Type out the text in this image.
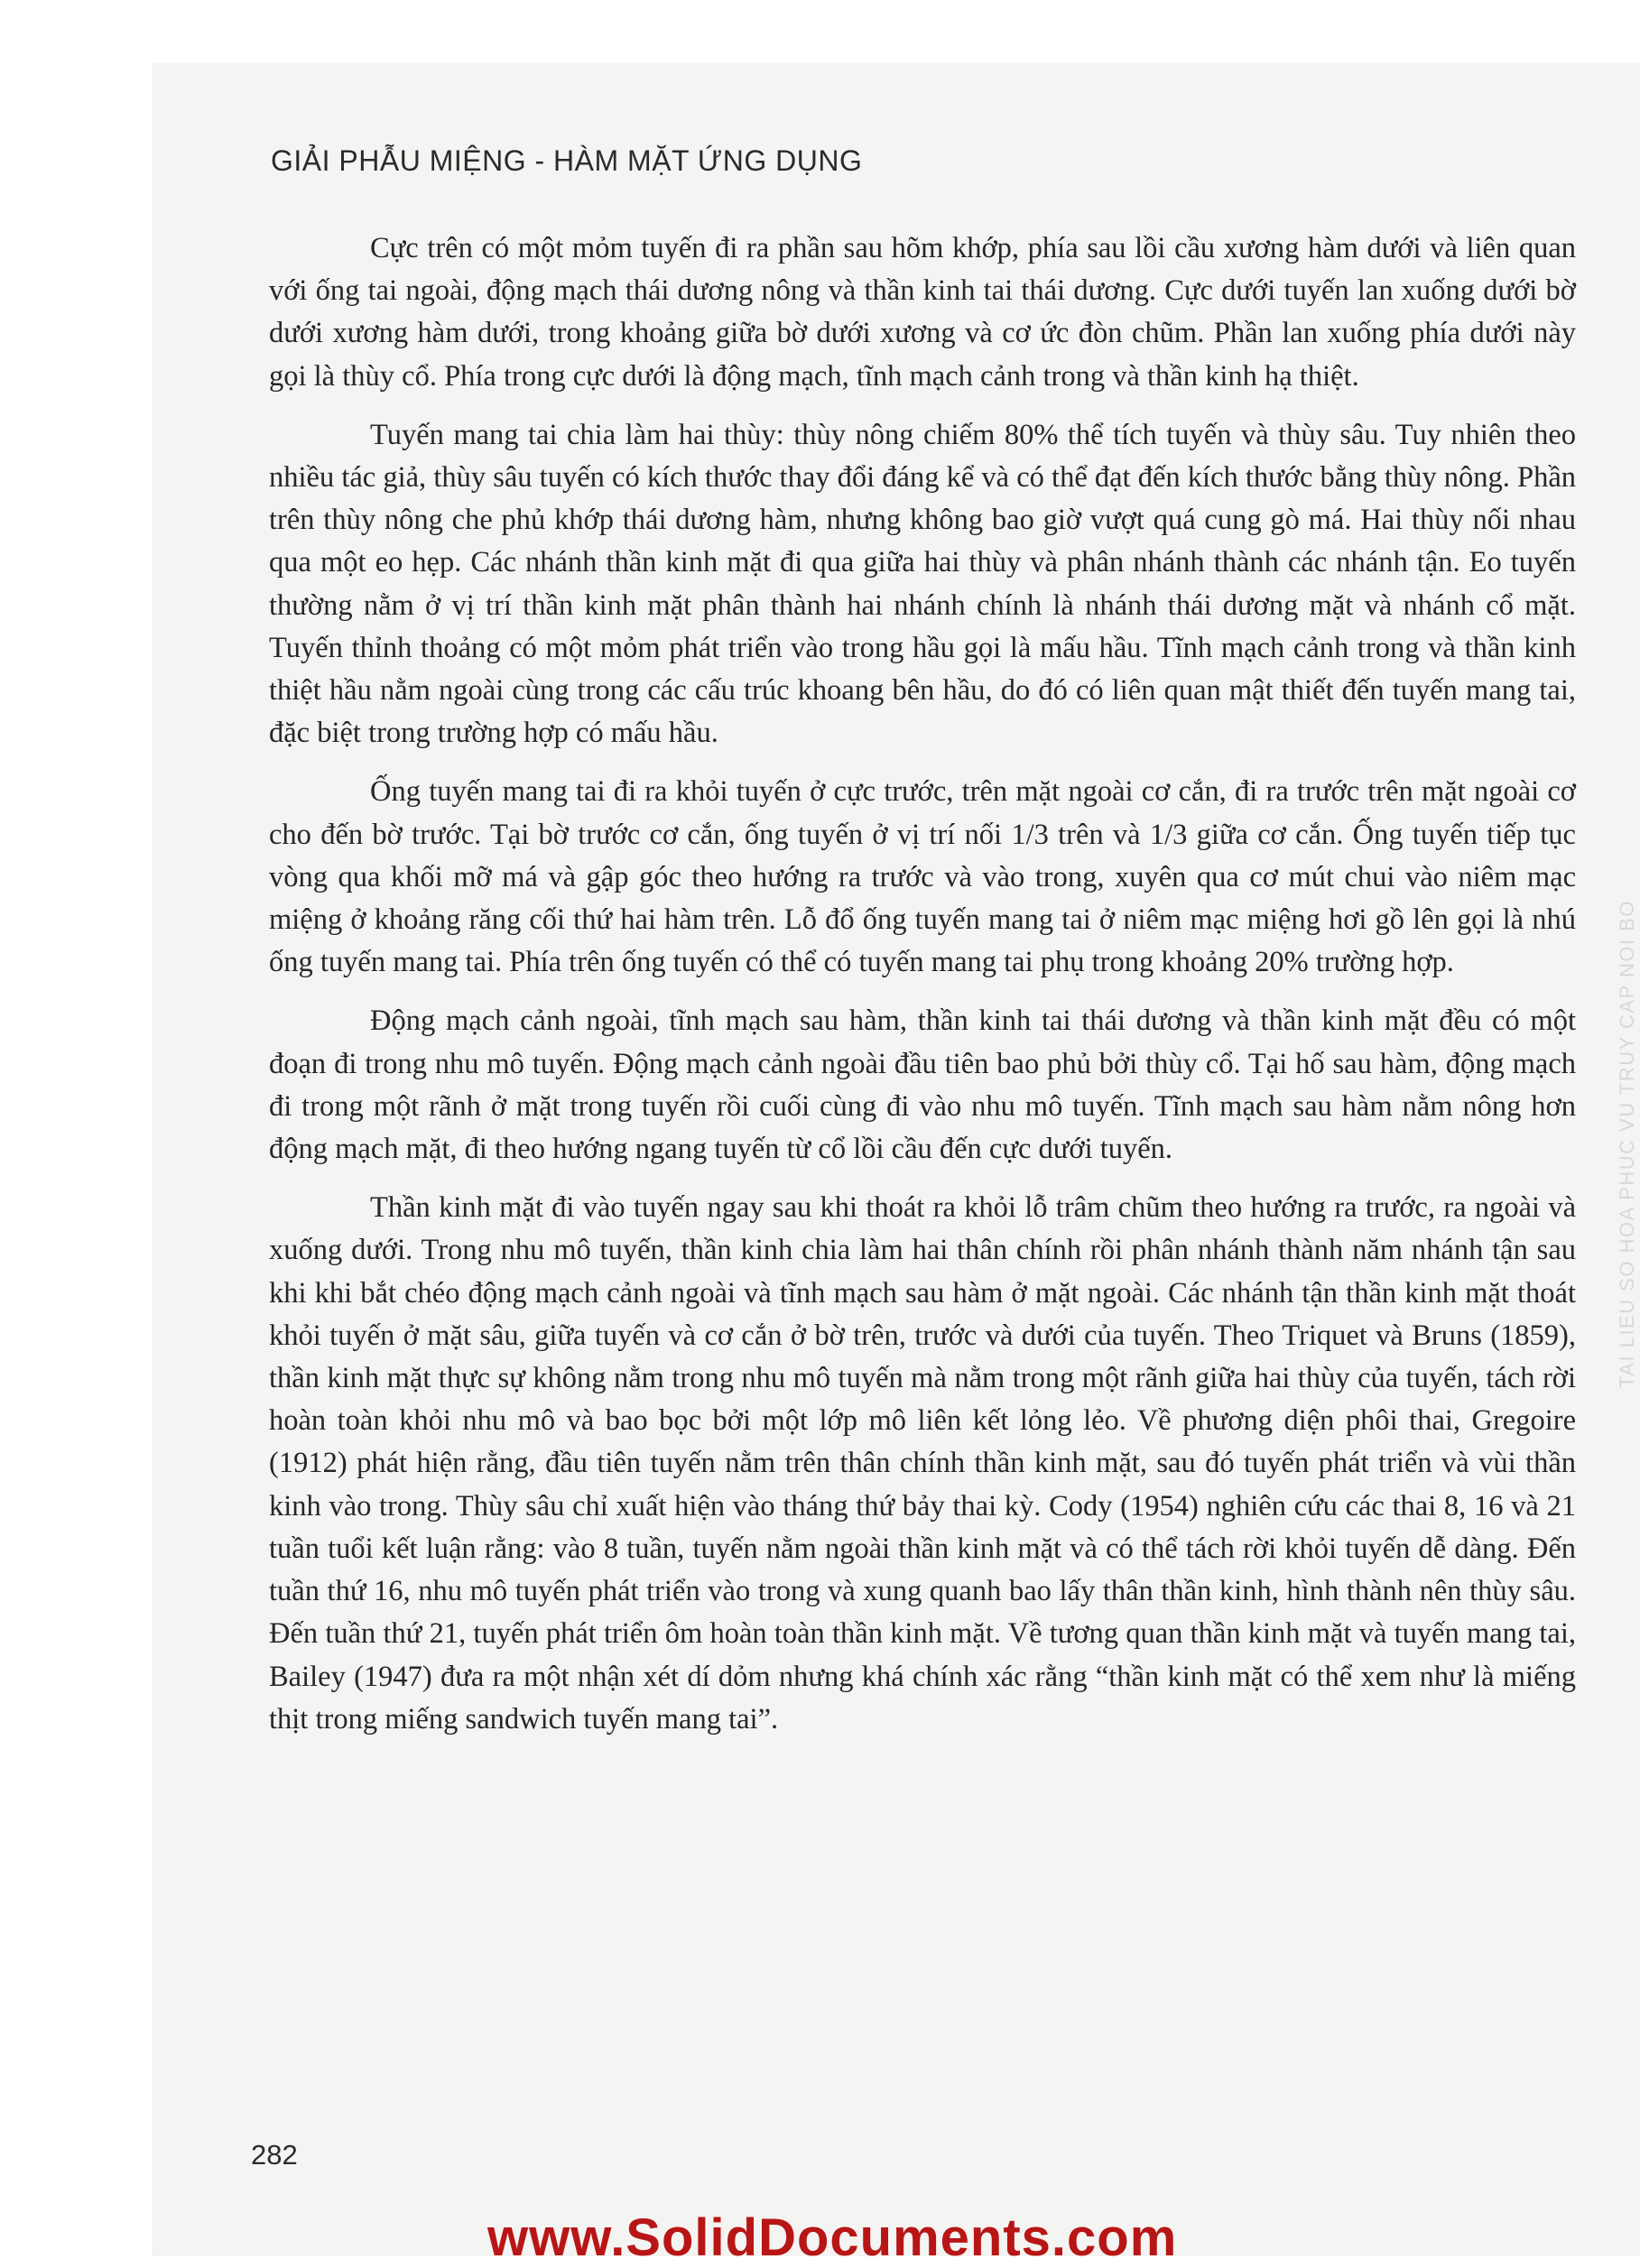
GIẢI PHẪU MIỆNG - HÀM MẶT ỨNG DỤNG

Cực trên có một mỏm tuyến đi ra phần sau hõm khớp, phía sau lồi cầu xương hàm dưới và liên quan với ống tai ngoài, động mạch thái dương nông và thần kinh tai thái dương. Cực dưới tuyến lan xuống dưới bờ dưới xương hàm dưới, trong khoảng giữa bờ dưới xương và cơ ức đòn chũm. Phần lan xuống phía dưới này gọi là thùy cổ. Phía trong cực dưới là động mạch, tĩnh mạch cảnh trong và thần kinh hạ thiệt.

Tuyến mang tai chia làm hai thùy: thùy nông chiếm 80% thể tích tuyến và thùy sâu. Tuy nhiên theo nhiều tác giả, thùy sâu tuyến có kích thước thay đổi đáng kể và có thể đạt đến kích thước bằng thùy nông. Phần trên thùy nông che phủ khớp thái dương hàm, nhưng không bao giờ vượt quá cung gò má. Hai thùy nối nhau qua một eo hẹp. Các nhánh thần kinh mặt đi qua giữa hai thùy và phân nhánh thành các nhánh tận. Eo tuyến thường nằm ở vị trí thần kinh mặt phân thành hai nhánh chính là nhánh thái dương mặt và nhánh cổ mặt. Tuyến thỉnh thoảng có một mỏm phát triển vào trong hầu gọi là mấu hầu. Tĩnh mạch cảnh trong và thần kinh thiệt hầu nằm ngoài cùng trong các cấu trúc khoang bên hầu, do đó có liên quan mật thiết đến tuyến mang tai, đặc biệt trong trường hợp có mấu hầu.

Ống tuyến mang tai đi ra khỏi tuyến ở cực trước, trên mặt ngoài cơ cắn, đi ra trước trên mặt ngoài cơ cho đến bờ trước. Tại bờ trước cơ cắn, ống tuyến ở vị trí nối 1/3 trên và 1/3 giữa cơ cắn. Ống tuyến tiếp tục vòng qua khối mỡ má và gập góc theo hướng ra trước và vào trong, xuyên qua cơ mút chui vào niêm mạc miệng ở khoảng răng cối thứ hai hàm trên. Lỗ đổ ống tuyến mang tai ở niêm mạc miệng hơi gồ lên gọi là nhú ống tuyến mang tai. Phía trên ống tuyến có thể có tuyến mang tai phụ trong khoảng 20% trường hợp.

Động mạch cảnh ngoài, tĩnh mạch sau hàm, thần kinh tai thái dương và thần kinh mặt đều có một đoạn đi trong nhu mô tuyến. Động mạch cảnh ngoài đầu tiên bao phủ bởi thùy cổ. Tại hố sau hàm, động mạch đi trong một rãnh ở mặt trong tuyến rồi cuối cùng đi vào nhu mô tuyến. Tĩnh mạch sau hàm nằm nông hơn động mạch mặt, đi theo hướng ngang tuyến từ cổ lồi cầu đến cực dưới tuyến.

Thần kinh mặt đi vào tuyến ngay sau khi thoát ra khỏi lỗ trâm chũm theo hướng ra trước, ra ngoài và xuống dưới. Trong nhu mô tuyến, thần kinh chia làm hai thân chính rồi phân nhánh thành năm nhánh tận sau khi khi bắt chéo động mạch cảnh ngoài và tĩnh mạch sau hàm ở mặt ngoài. Các nhánh tận thần kinh mặt thoát khỏi tuyến ở mặt sâu, giữa tuyến và cơ cắn ở bờ trên, trước và dưới của tuyến. Theo Triquet và Bruns (1859), thần kinh mặt thực sự không nằm trong nhu mô tuyến mà nằm trong một rãnh giữa hai thùy của tuyến, tách rời hoàn toàn khỏi nhu mô và bao bọc bởi một lớp mô liên kết lỏng lẻo. Về phương diện phôi thai, Gregoire (1912) phát hiện rằng, đầu tiên tuyến nằm trên thân chính thần kinh mặt, sau đó tuyến phát triển và vùi thần kinh vào trong. Thùy sâu chỉ xuất hiện vào tháng thứ bảy thai kỳ. Cody (1954) nghiên cứu các thai 8, 16 và 21 tuần tuổi kết luận rằng: vào 8 tuần, tuyến nằm ngoài thần kinh mặt và có thể tách rời khỏi tuyến dễ dàng. Đến tuần thứ 16, nhu mô tuyến phát triển vào trong và xung quanh bao lấy thân thần kinh, hình thành nên thùy sâu. Đến tuần thứ 21, tuyến phát triển ôm hoàn toàn thần kinh mặt. Về tương quan thần kinh mặt và tuyến mang tai, Bailey (1947) đưa ra một nhận xét dí dỏm nhưng khá chính xác rằng “thần kinh mặt có thể xem như là miếng thịt trong miếng sandwich tuyến mang tai”.

282
TAI LIEU SO HOA PHUC VU TRUY CAP NOI BO
www.SolidDocuments.com
